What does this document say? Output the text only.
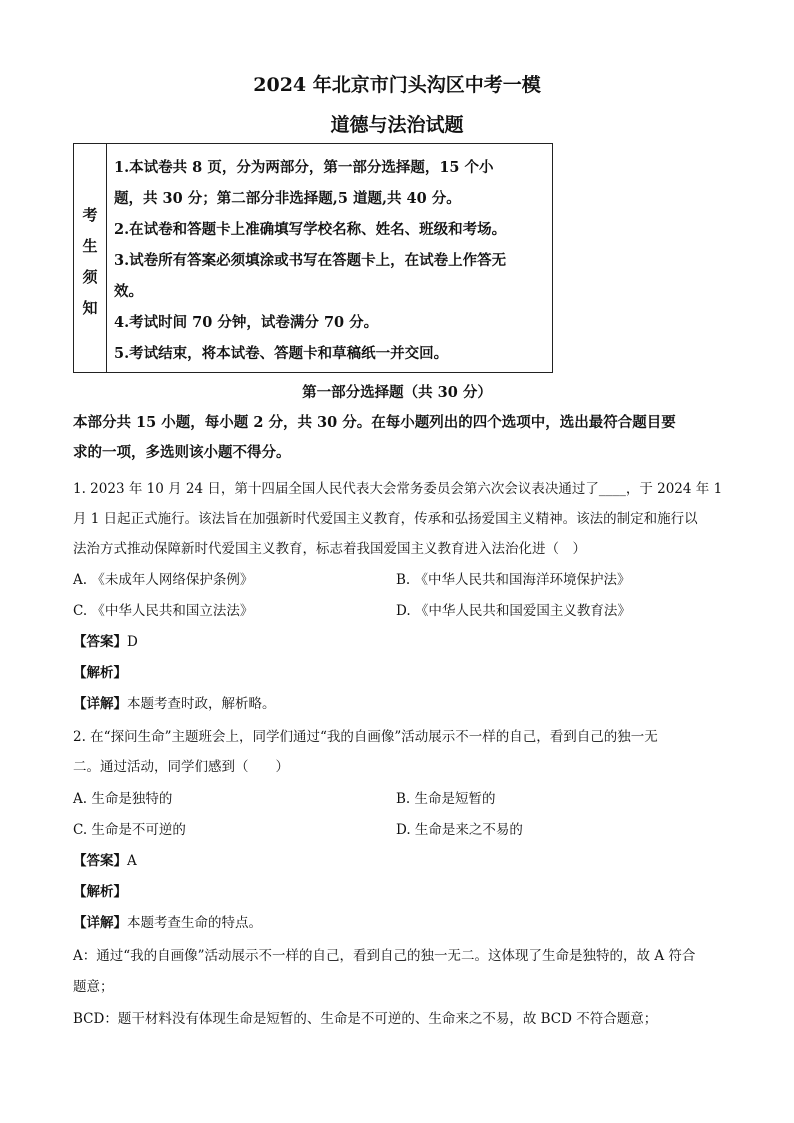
2024 年北京市门头沟区中考一模
道德与法治试题
考
生
须
知

1.本试卷共 8 页，分为两部分，第一部分选择题，15 个小

题，共 30 分；第二部分非选择题,5 道题,共 40 分。

2.在试卷和答题卡上准确填写学校名称、姓名、班级和考场。

3.试卷所有答案必须填涂或书写在答题卡上，在试卷上作答无

效。

4.考试时间 70 分钟，试卷满分 70 分。

5.考试结束，将本试卷、答题卡和草稿纸一并交回。

第一部分选择题（共 30 分）
本部分共 15 小题，每小题 2 分，共 30 分。在每小题列出的四个选项中，选出最符合题目要
求的一项，多选则该小题不得分。
1. 2023 年 10 月 24 日，第十四届全国人民代表大会常务委员会第六次会议表决通过了____，于 2024 年 1
月 1 日起正式施行。该法旨在加强新时代爱国主义教育，传承和弘扬爱国主义精神。该法的制定和施行以
法治方式推动保障新时代爱国主义教育，标志着我国爱国主义教育进入法治化进（　）
A. 《未成年人网络保护条例》	B. 《中华人民共和国海洋环境保护法》
C. 《中华人民共和国立法法》	D. 《中华人民共和国爱国主义教育法》
【答案】D
【解析】
【详解】本题考查时政，解析略。
2. 在“探问生命”主题班会上，同学们通过“我的自画像”活动展示不一样的自己，看到自己的独一无
二。通过活动，同学们感到（　　）
A. 生命是独特的	B. 生命是短暂的
C. 生命是不可逆的	D. 生命是来之不易的
【答案】A
【解析】
【详解】本题考查生命的特点。
A：通过“我的自画像”活动展示不一样的自己，看到自己的独一无二。这体现了生命是独特的，故 A 符合
题意；
BCD：题干材料没有体现生命是短暂的、生命是不可逆的、生命来之不易，故 BCD 不符合题意；
